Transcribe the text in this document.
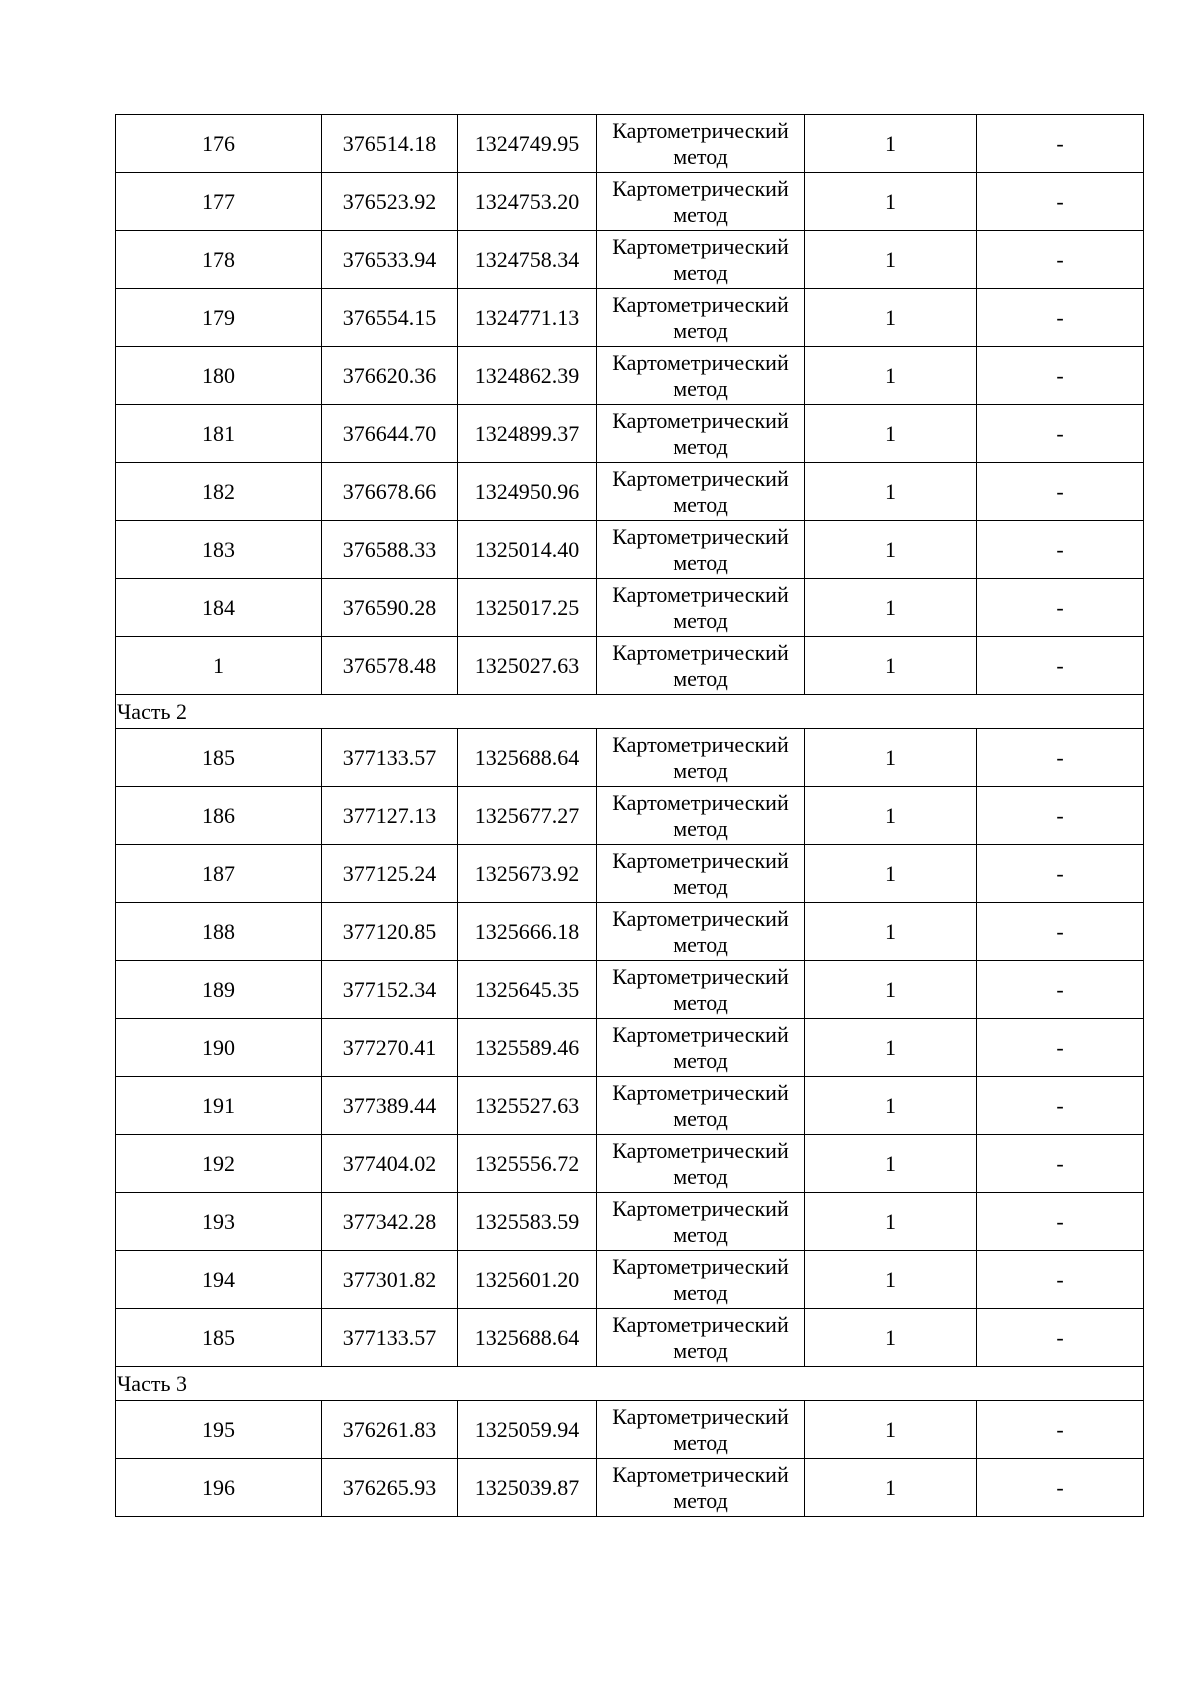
176	376514.18	1324749.95	Картометрический
метод	1	-
177	376523.92	1324753.20	Картометрический
метод	1	-
178	376533.94	1324758.34	Картометрический
метод	1	-
179	376554.15	1324771.13	Картометрический
метод	1	-
180	376620.36	1324862.39	Картометрический
метод	1	-
181	376644.70	1324899.37	Картометрический
метод	1	-
182	376678.66	1324950.96	Картометрический
метод	1	-
183	376588.33	1325014.40	Картометрический
метод	1	-
184	376590.28	1325017.25	Картометрический
метод	1	-
1	376578.48	1325027.63	Картометрический
метод	1	-
Часть 2					
185	377133.57	1325688.64	Картометрический
метод	1	-
186	377127.13	1325677.27	Картометрический
метод	1	-
187	377125.24	1325673.92	Картометрический
метод	1	-
188	377120.85	1325666.18	Картометрический
метод	1	-
189	377152.34	1325645.35	Картометрический
метод	1	-
190	377270.41	1325589.46	Картометрический
метод	1	-
191	377389.44	1325527.63	Картометрический
метод	1	-
192	377404.02	1325556.72	Картометрический
метод	1	-
193	377342.28	1325583.59	Картометрический
метод	1	-
194	377301.82	1325601.20	Картометрический
метод	1	-
185	377133.57	1325688.64	Картометрический
метод	1	-
Часть 3					
195	376261.83	1325059.94	Картометрический
метод	1	-
196	376265.93	1325039.87	Картометрический
метод	1	-
